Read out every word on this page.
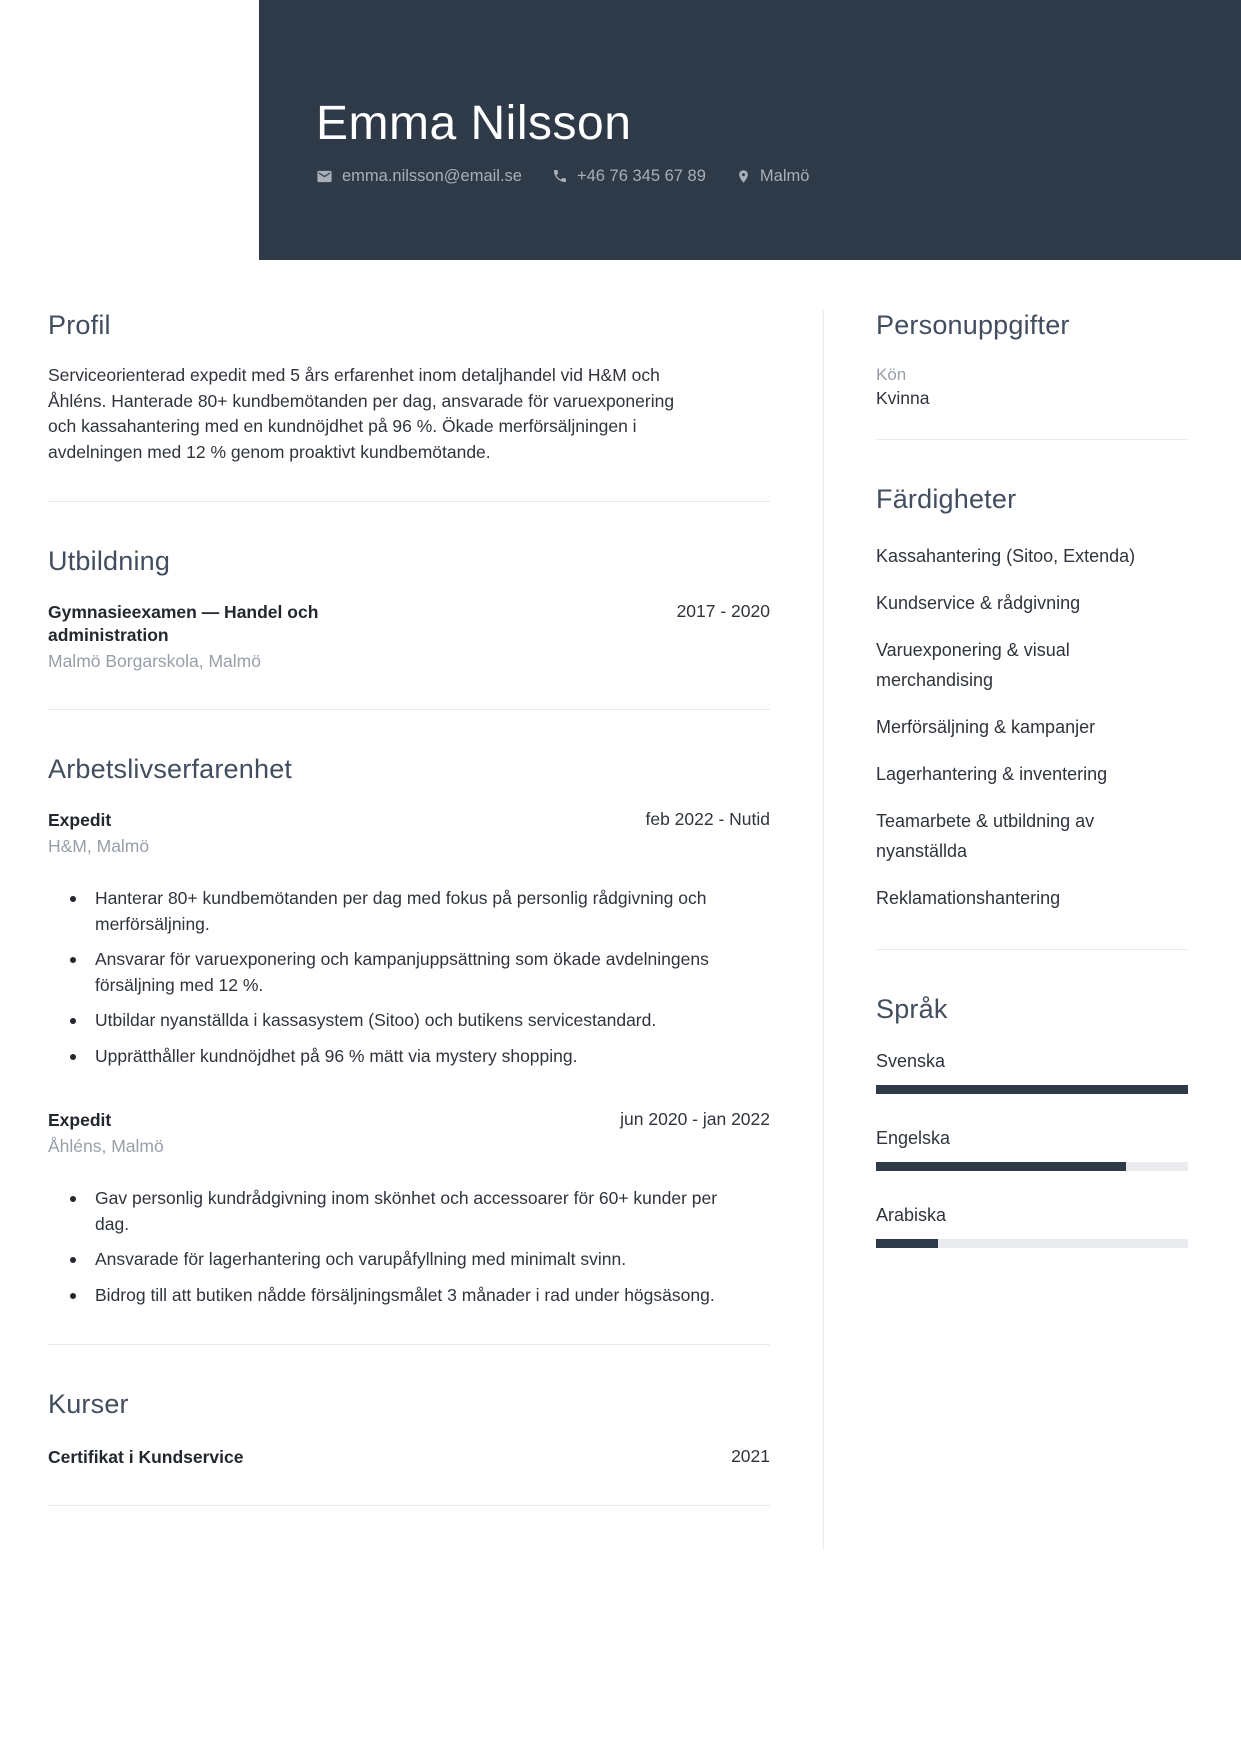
Emma Nilsson
emma.nilsson@email.se	+46 76 345 67 89	Malmö
Profil

Serviceorienterad expedit med 5 års erfarenhet inom detaljhandel vid H&M och Åhléns. Hanterade 80+ kundbemötanden per dag, ansvarade för varuexponering och kassahantering med en kundnöjdhet på 96 %. Ökade merförsäljningen i avdelningen med 12 % genom proaktivt kundbemötande.

Utbildning
Gymnasieexamen — Handel och administration
2017 - 2020
Malmö Borgarskola, Malmö
Arbetslivserfarenhet
Expedit	feb 2022 - Nutid
H&M, Malmö
Hanterar 80+ kundbemötanden per dag med fokus på personlig rådgivning och merförsäljning.
Ansvarar för varuexponering och kampanjuppsättning som ökade avdelningens försäljning med 12 %.
Utbildar nyanställda i kassasystem (Sitoo) och butikens servicestandard.
Upprätthåller kundnöjdhet på 96 % mätt via mystery shopping.
Expedit	jun 2020 - jan 2022
Åhléns, Malmö
Gav personlig kundrådgivning inom skönhet och accessoarer för 60+ kunder per dag.
Ansvarade för lagerhantering och varupåfyllning med minimalt svinn.
Bidrog till att butiken nådde försäljningsmålet 3 månader i rad under högsäsong.
Kurser
Certifikat i Kundservice	2021
Personuppgifter
Kön
Kvinna
Färdigheter
Kassahantering (Sitoo, Extenda)
Kundservice & rådgivning
Varuexponering & visual merchandising
Merförsäljning & kampanjer
Lagerhantering & inventering
Teamarbete & utbildning av nyanställda
Reklamationshantering
Språk
Svenska
Engelska
Arabiska
